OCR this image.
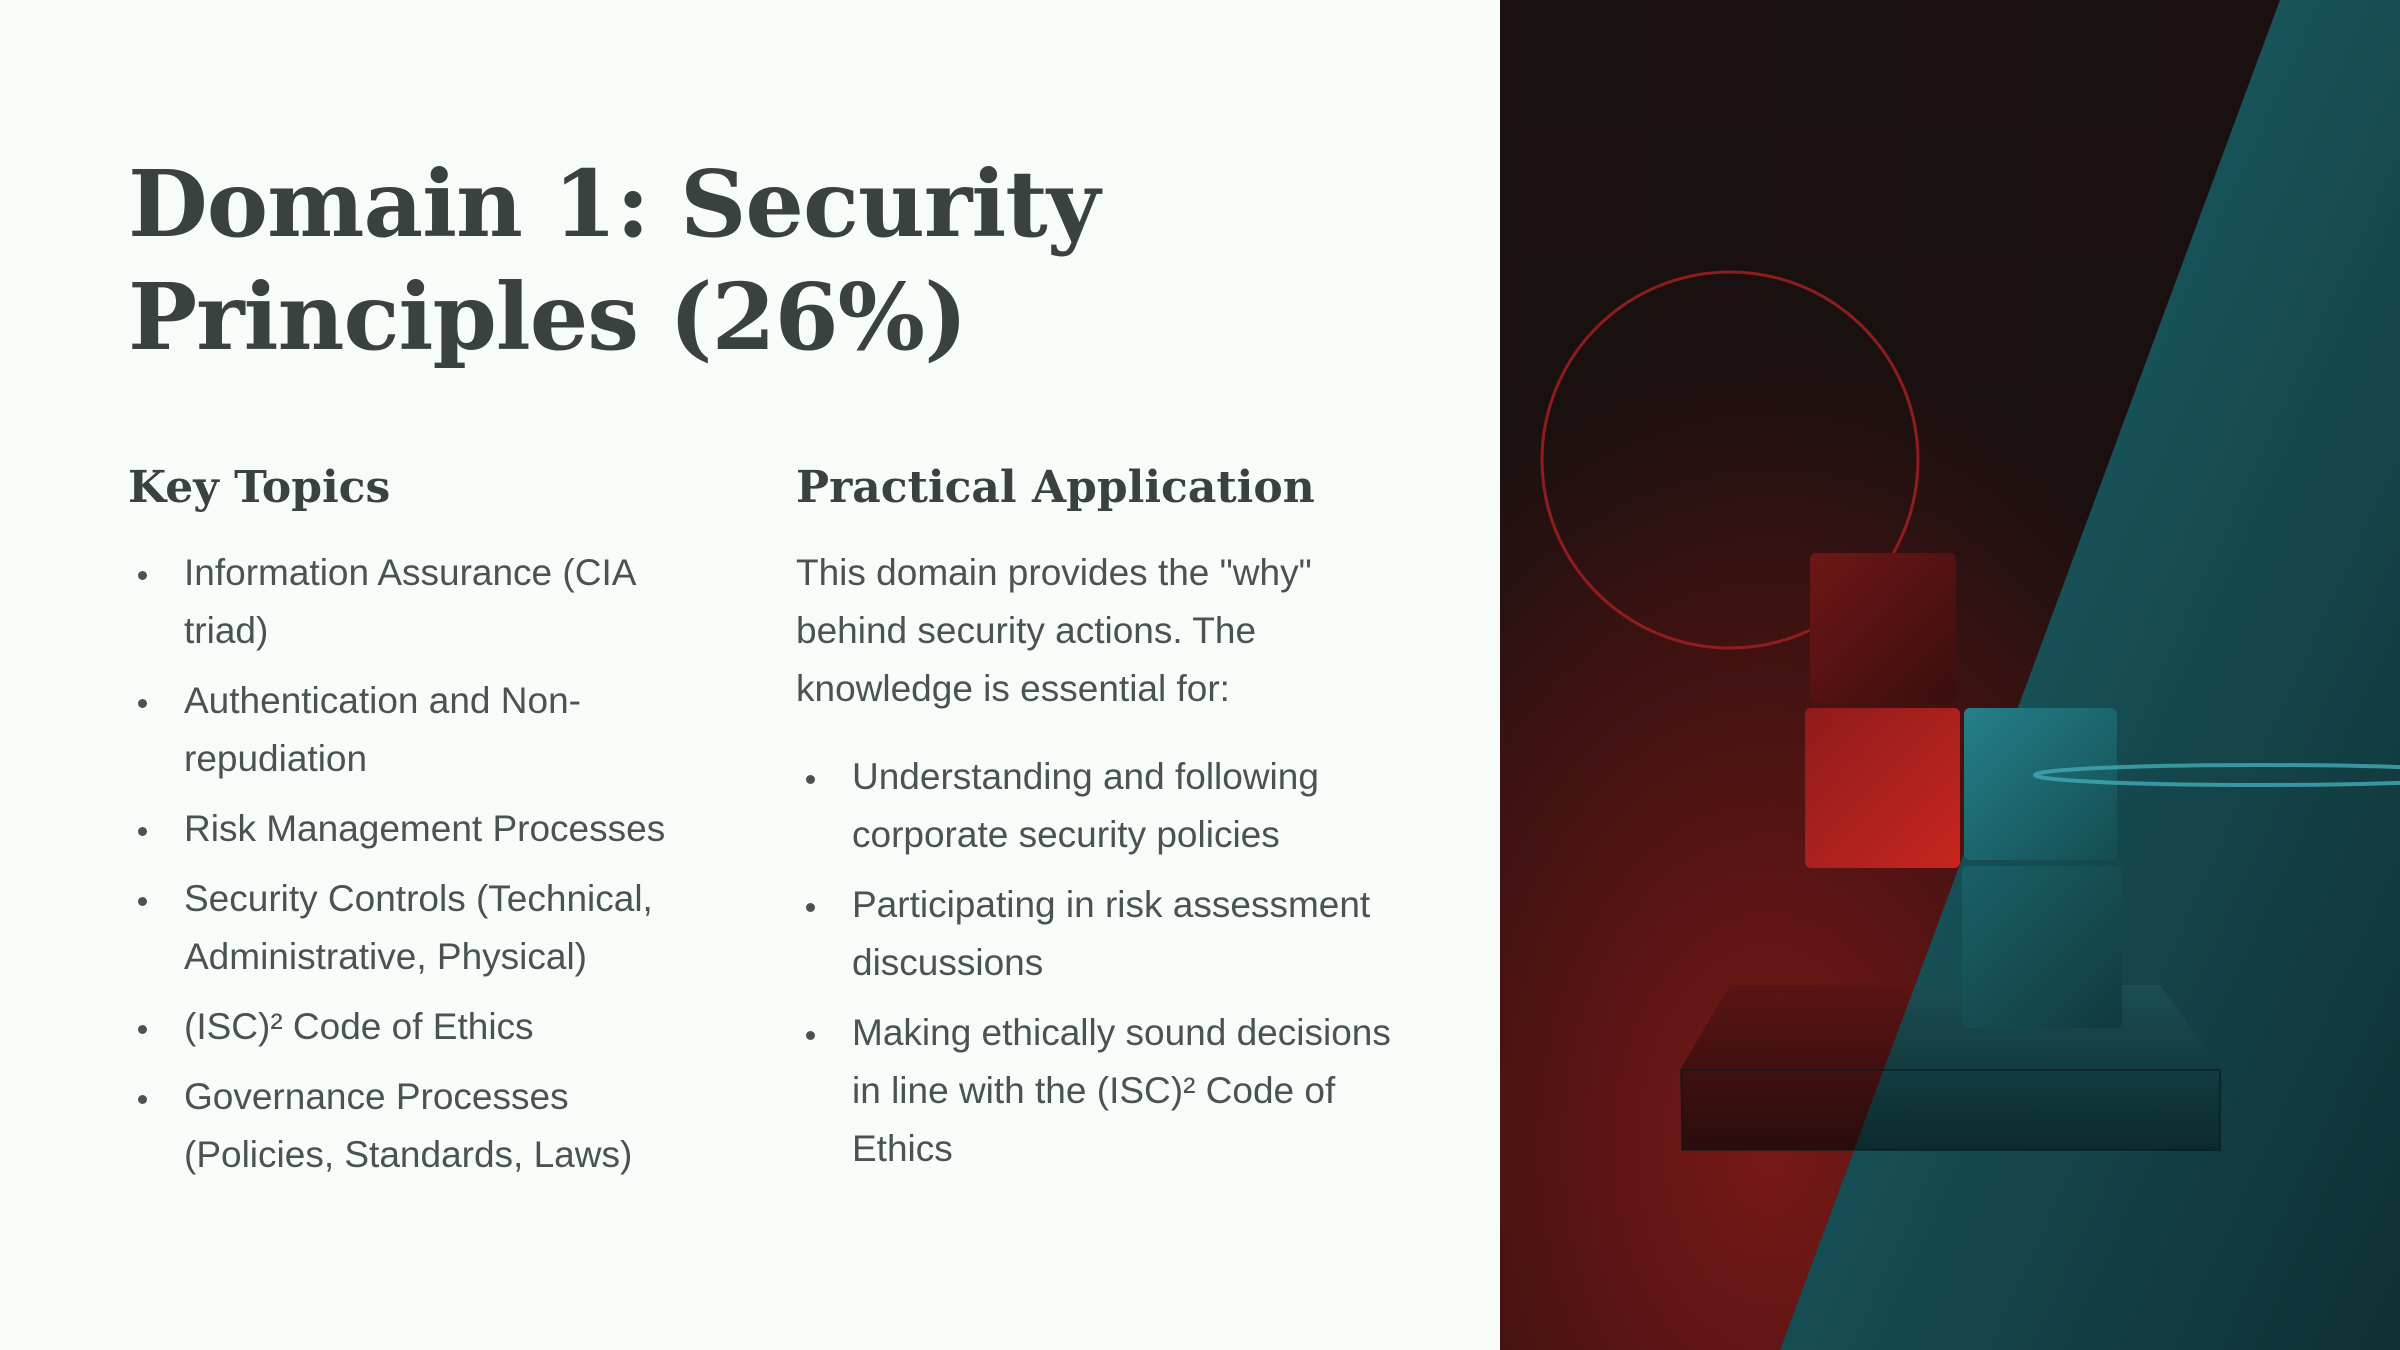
Domain 1: Security Principles (26%)
Key Topics
Information Assurance (CIA triad)
Authentication and Non-repudiation
Risk Management Processes
Security Controls (Technical, Administrative, Physical)
(ISC)² Code of Ethics
Governance Processes (Policies, Standards, Laws)
Practical Application

This domain provides the "why" behind security actions. The knowledge is essential for:

Understanding and following corporate security policies
Participating in risk assessment discussions
Making ethically sound decisions in line with the (ISC)² Code of Ethics
